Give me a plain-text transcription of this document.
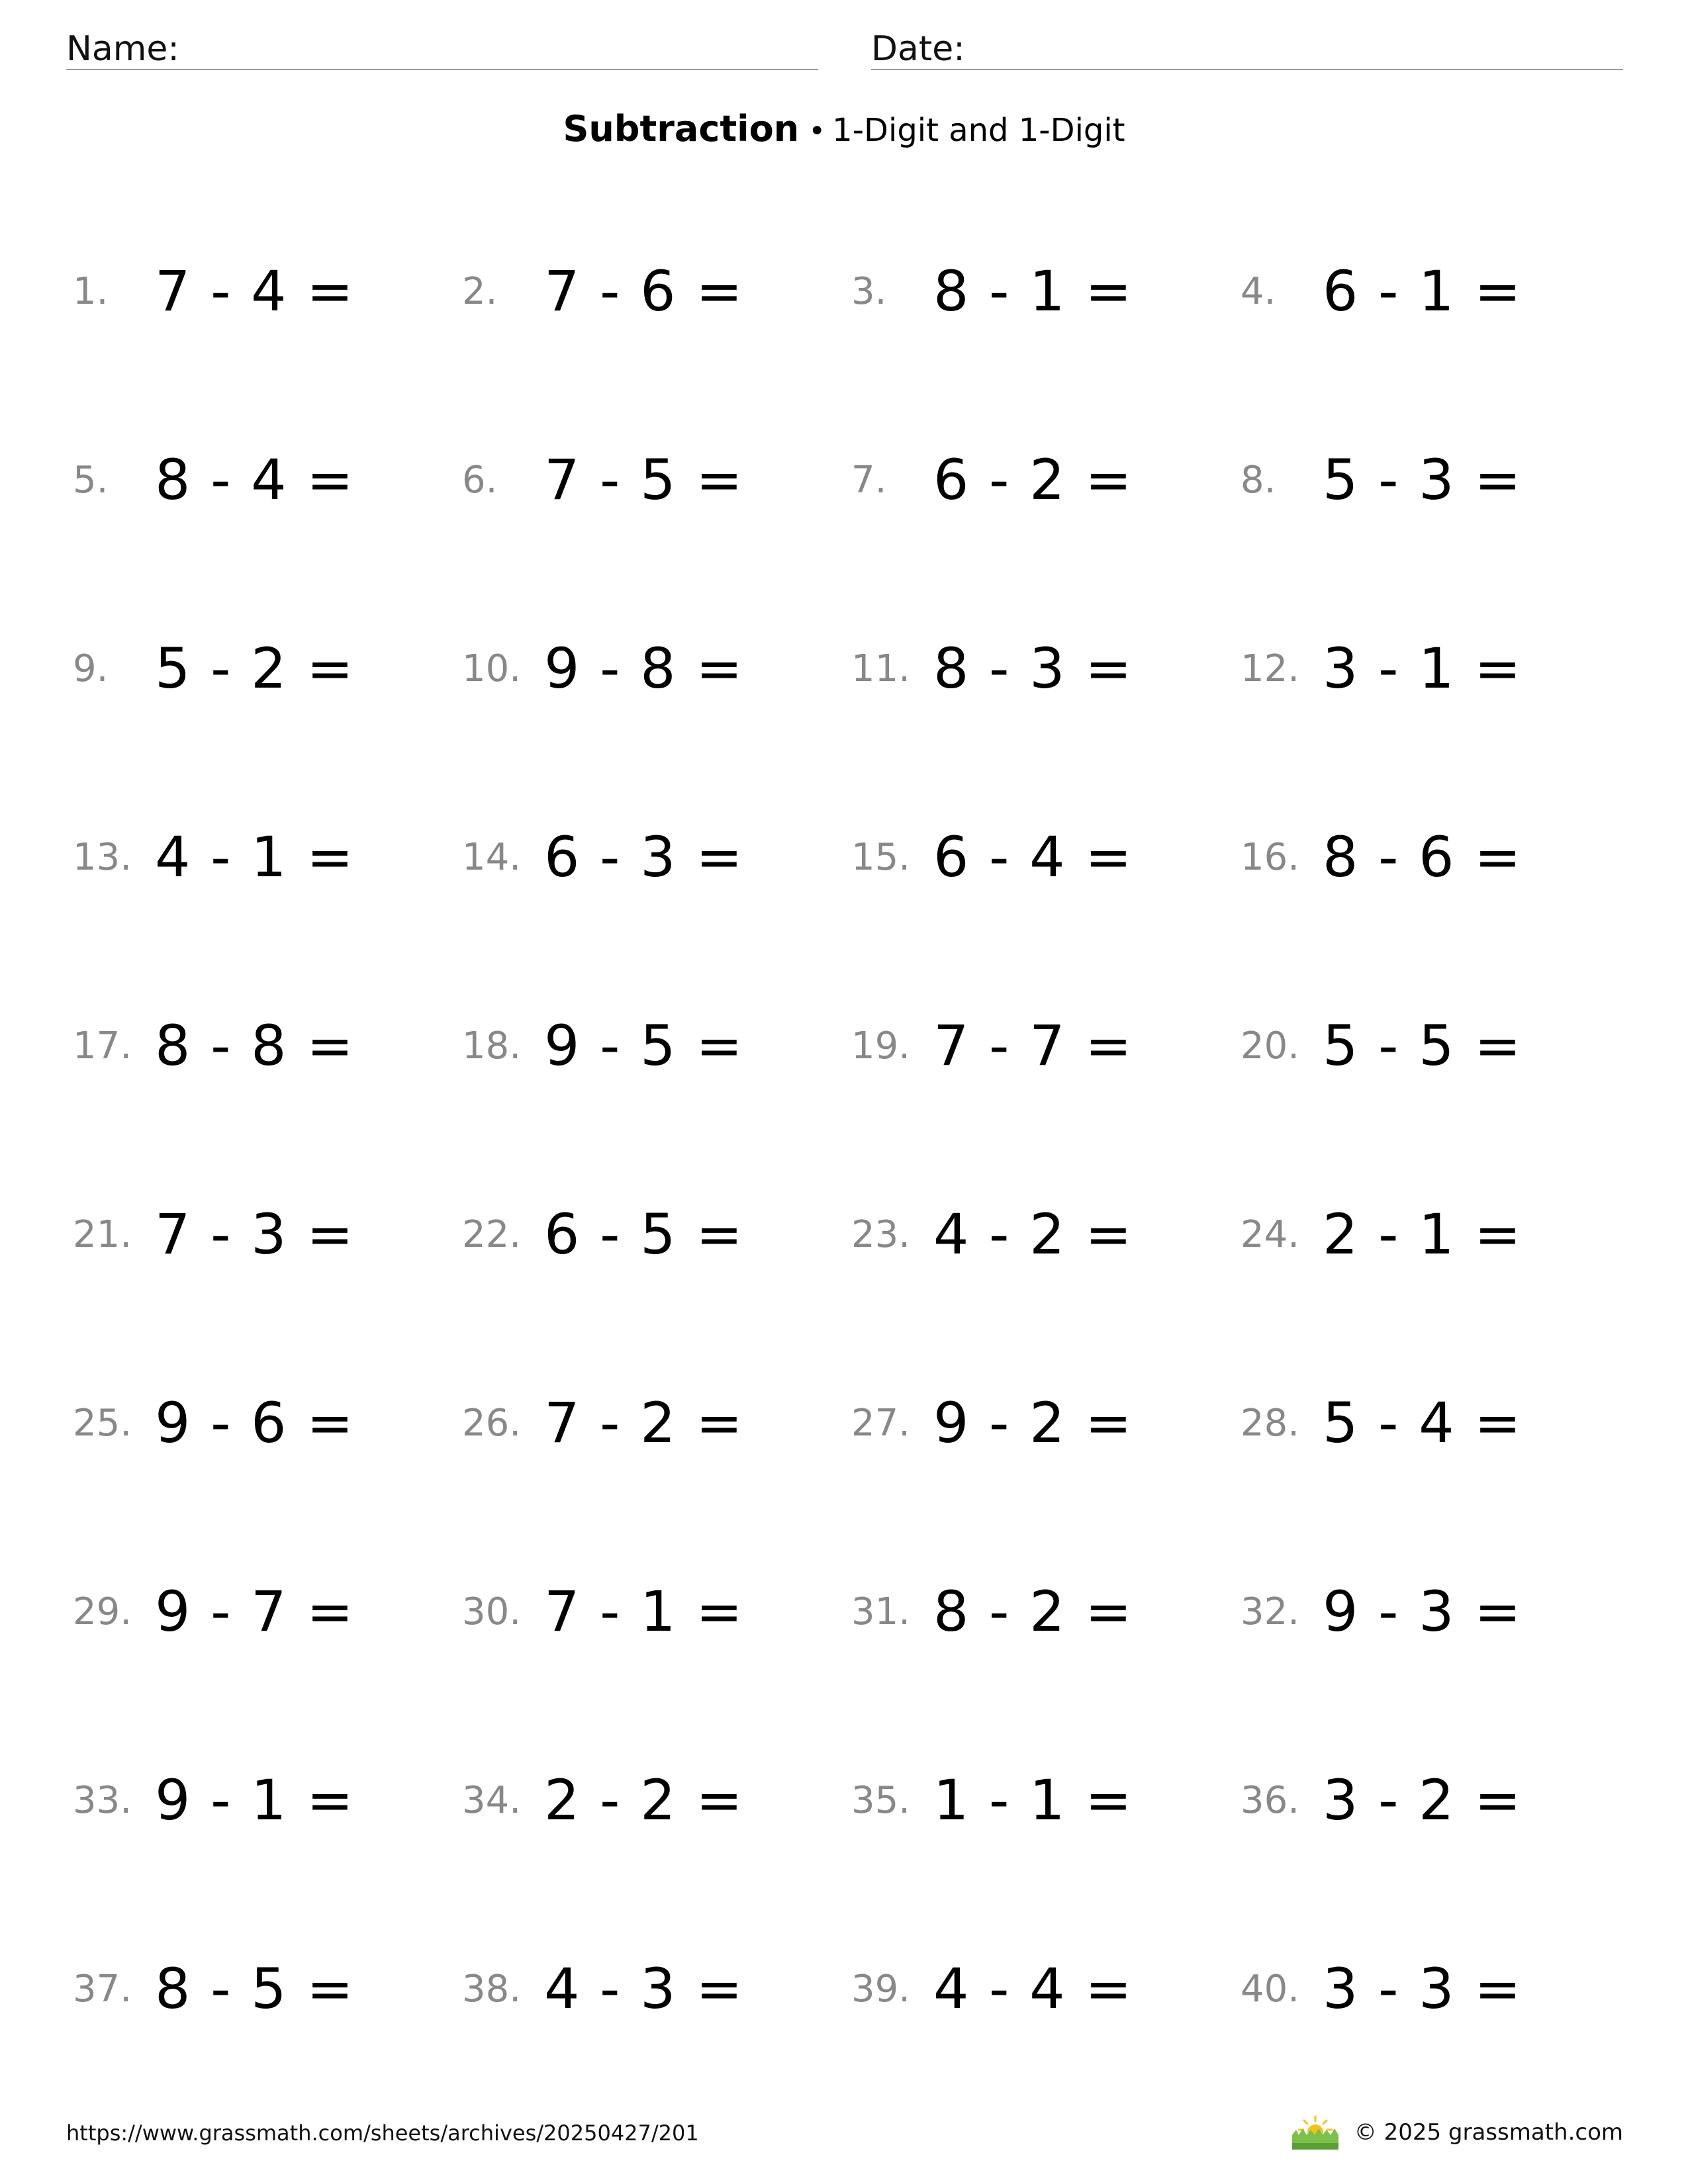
Name:	Date:
Subtraction • 1-Digit and 1-Digit
1. 7 - 4 =	2. 7 - 6 =	3. 8 - 1 =	4. 6 - 1 =
5. 8 - 4 =	6. 7 - 5 =	7. 6 - 2 =	8. 5 - 3 =
9. 5 - 2 =	10. 9 - 8 =	11. 8 - 3 =	12. 3 - 1 =
13. 4 - 1 =	14. 6 - 3 =	15. 6 - 4 =	16. 8 - 6 =
17. 8 - 8 =	18. 9 - 5 =	19. 7 - 7 =	20. 5 - 5 =
21. 7 - 3 =	22. 6 - 5 =	23. 4 - 2 =	24. 2 - 1 =
25. 9 - 6 =	26. 7 - 2 =	27. 9 - 2 =	28. 5 - 4 =
29. 9 - 7 =	30. 7 - 1 =	31. 8 - 2 =	32. 9 - 3 =
33. 9 - 1 =	34. 2 - 2 =	35. 1 - 1 =	36. 3 - 2 =
37. 8 - 5 =	38. 4 - 3 =	39. 4 - 4 =	40. 3 - 3 =
https://www.grassmath.com/sheets/archives/20250427/201	© 2025 grassmath.com
